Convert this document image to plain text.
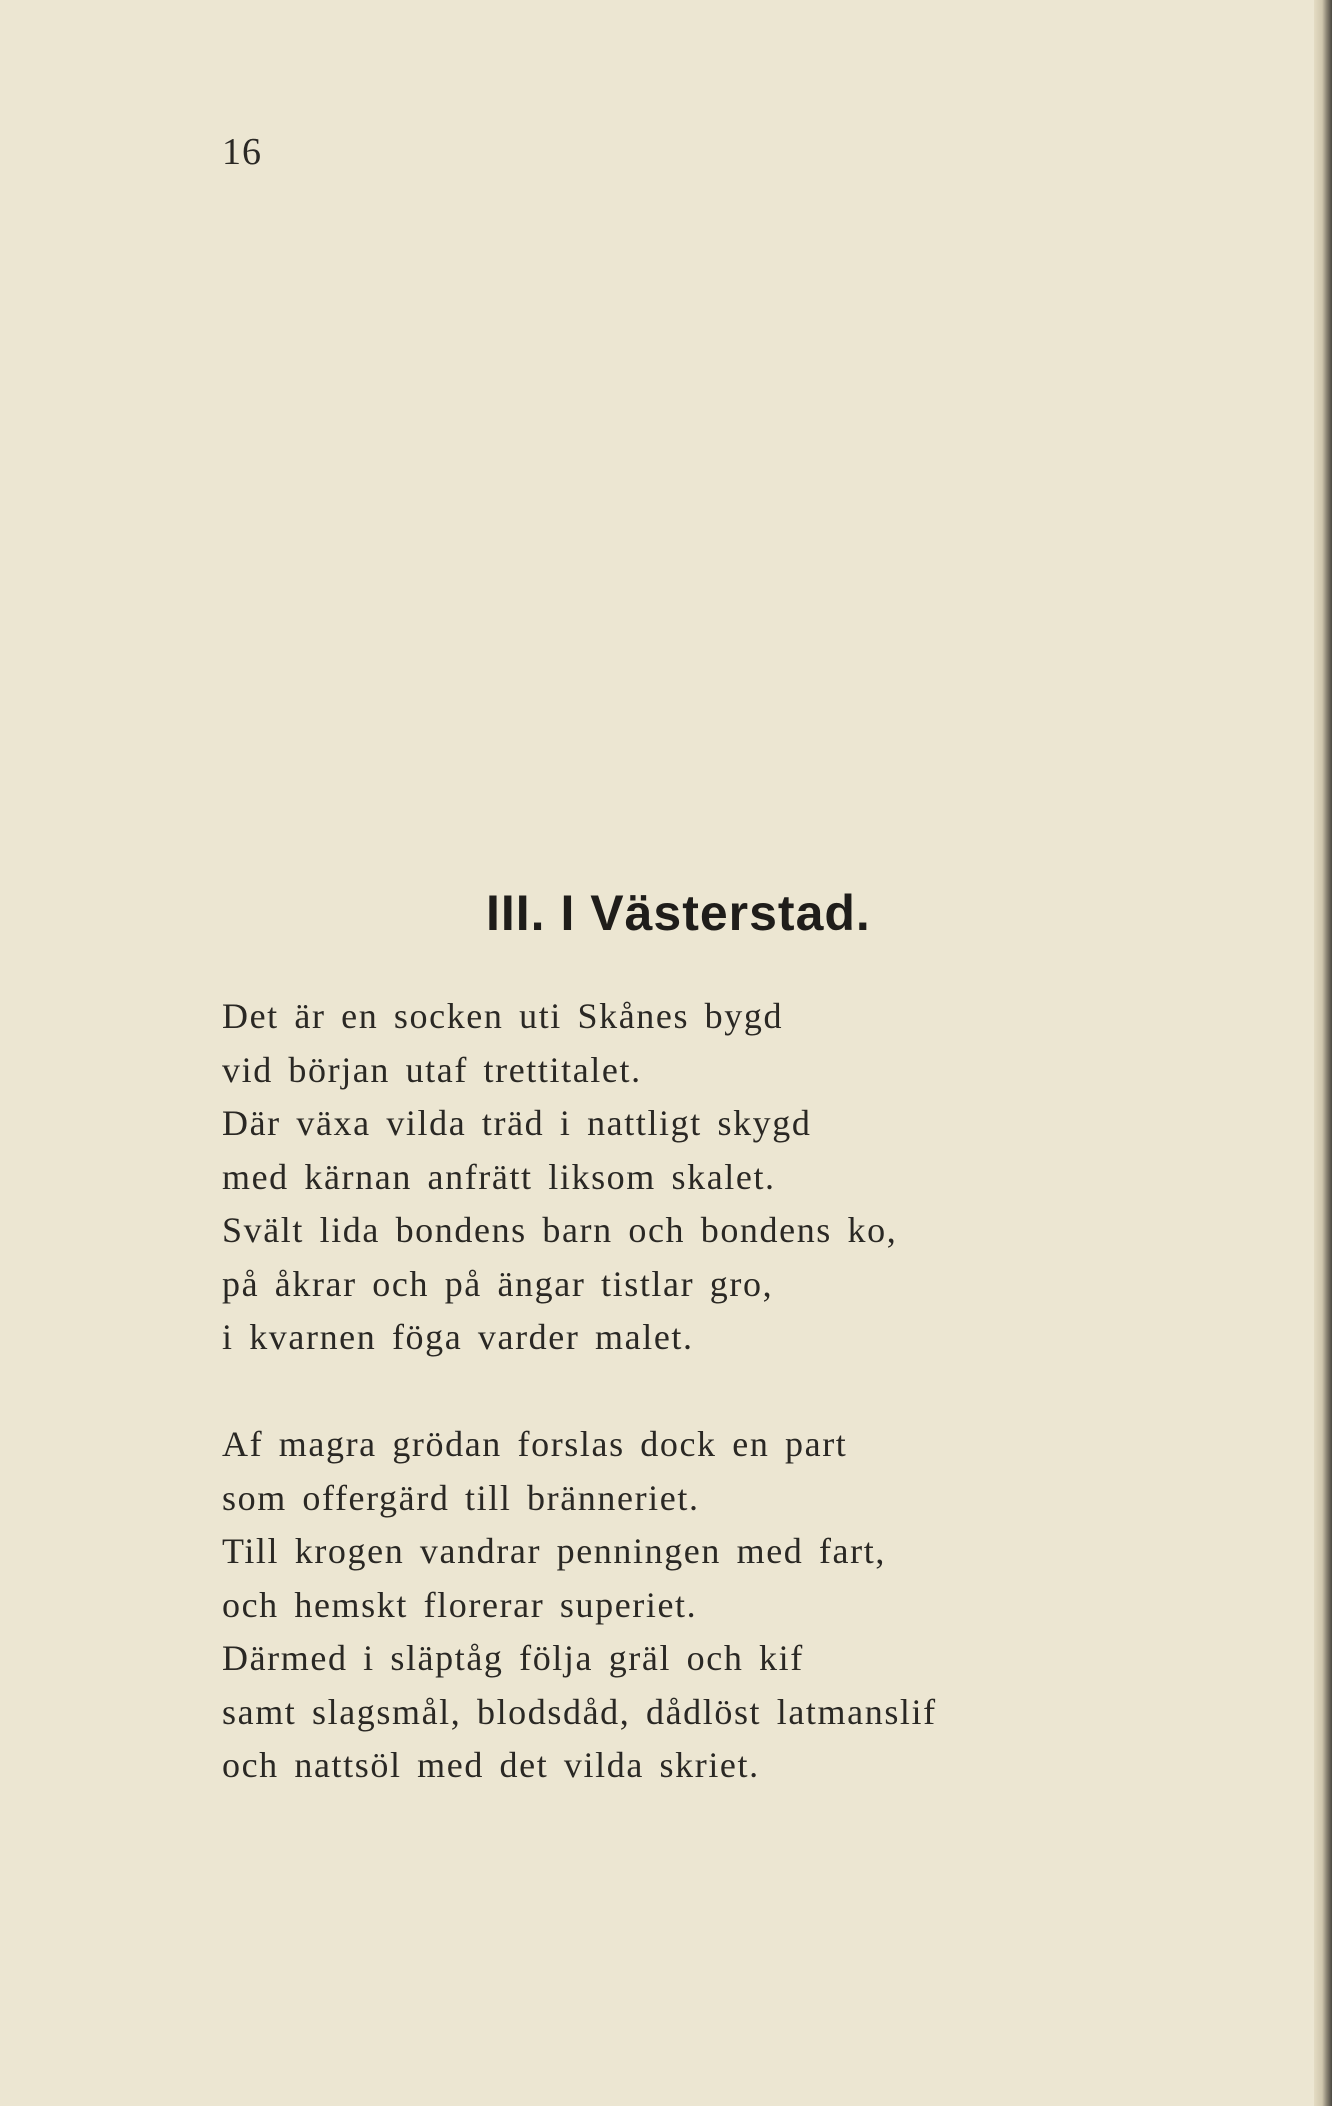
16
III. I Västerstad.
Det är en socken uti Skånes bygd
vid början utaf trettitalet.
Där växa vilda träd i nattligt skygd
med kärnan anfrätt liksom skalet.
Svält lida bondens barn och bondens ko,
på åkrar och på ängar tistlar gro,
i kvarnen föga varder malet.
Af magra grödan forslas dock en part
som offergärd till bränneriet.
Till krogen vandrar penningen med fart,
och hemskt florerar superiet.
Därmed i släptåg följa gräl och kif
samt slagsmål, blodsdåd, dådlöst latmanslif
och nattsöl med det vilda skriet.
